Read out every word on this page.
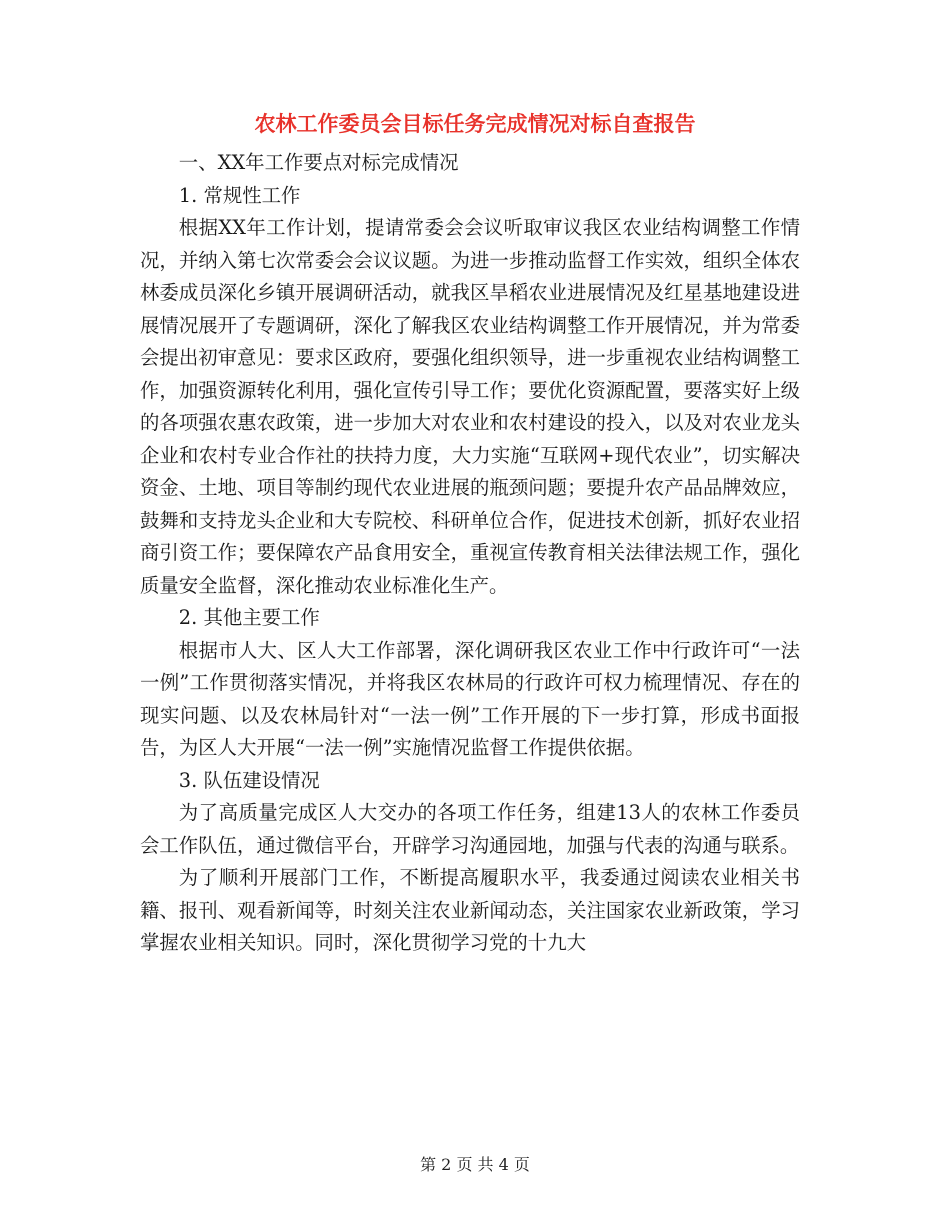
农林工作委员会目标任务完成情况对标自查报告

一、XX年工作要点对标完成情况

1. 常规性工作

根据XX年工作计划，提请常委会会议听取审议我区农业结构调整工作情况，并纳入第七次常委会会议议题。为进一步推动监督工作实效，组织全体农林委成员深化乡镇开展调研活动，就我区旱稻农业进展情况及红星基地建设进展情况展开了专题调研，深化了解我区农业结构调整工作开展情况，并为常委会提出初审意见：要求区政府，要强化组织领导，进一步重视农业结构调整工作，加强资源转化利用，强化宣传引导工作；要优化资源配置，要落实好上级的各项强农惠农政策，进一步加大对农业和农村建设的投入，以及对农业龙头企业和农村专业合作社的扶持力度，大力实施“互联网+现代农业”，切实解决资金、土地、项目等制约现代农业进展的瓶颈问题；要提升农产品品牌效应，鼓舞和支持龙头企业和大专院校、科研单位合作，促进技术创新，抓好农业招商引资工作；要保障农产品食用安全，重视宣传教育相关法律法规工作，强化质量安全监督，深化推动农业标准化生产。

2. 其他主要工作

根据市人大、区人大工作部署，深化调研我区农业工作中行政许可“一法一例”工作贯彻落实情况，并将我区农林局的行政许可权力梳理情况、存在的现实问题、以及农林局针对“一法一例”工作开展的下一步打算，形成书面报告，为区人大开展“一法一例”实施情况监督工作提供依据。

3. 队伍建设情况

为了高质量完成区人大交办的各项工作任务，组建13人的农林工作委员会工作队伍，通过微信平台，开辟学习沟通园地，加强与代表的沟通与联系。

为了顺利开展部门工作，不断提高履职水平，我委通过阅读农业相关书籍、报刊、观看新闻等，时刻关注农业新闻动态，关注国家农业新政策，学习掌握农业相关知识。同时，深化贯彻学习党的十九大

第 2 页 共 4 页
